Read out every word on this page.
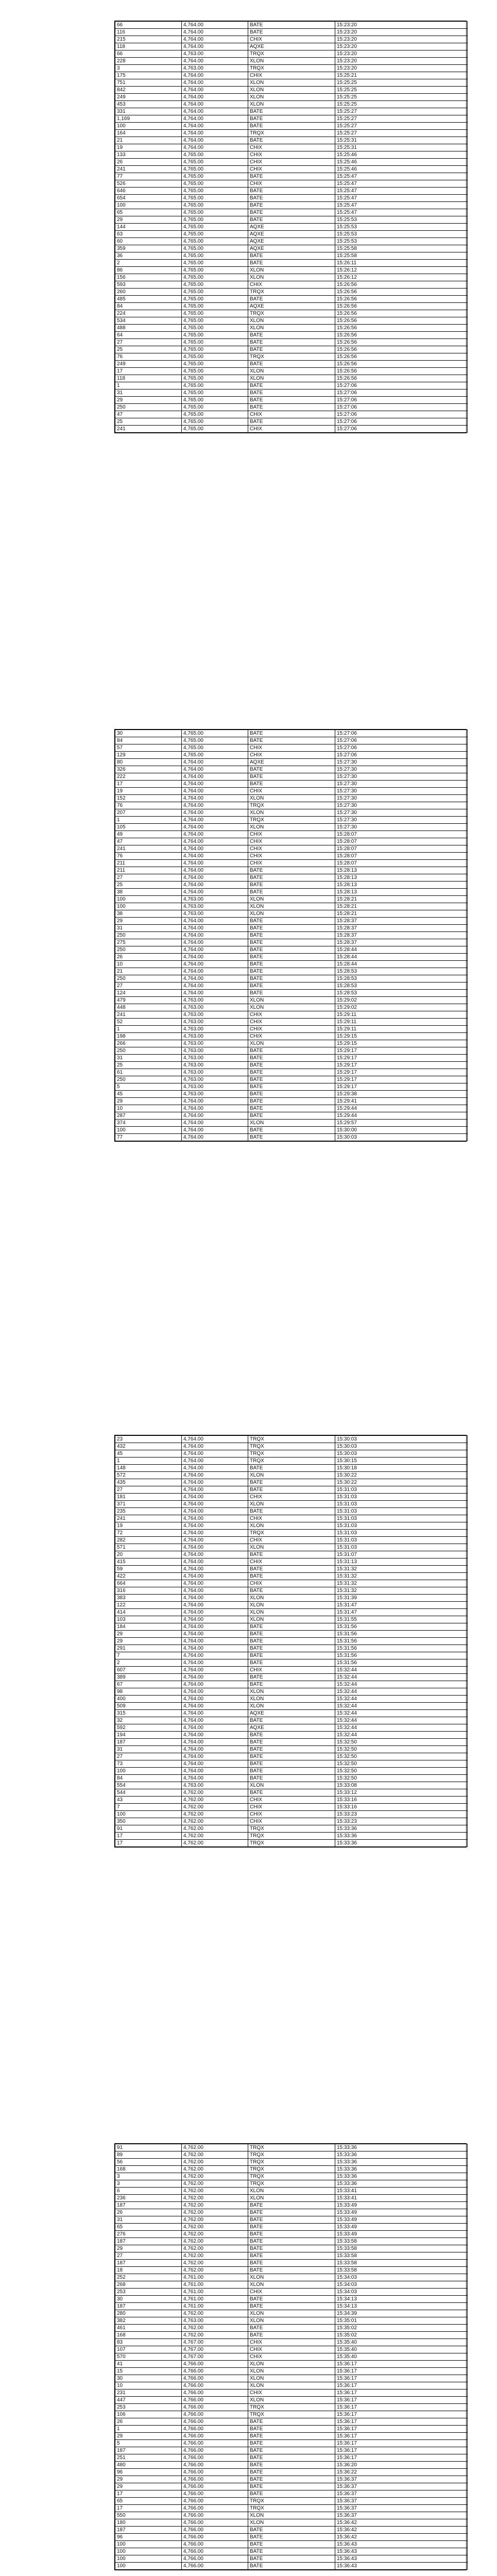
66	4,764.00	BATE	15:23:20
116	4,764.00	BATE	15:23:20
215	4,764.00	CHIX	15:23:20
118	4,764.00	AQXE	15:23:20
66	4,763.00	TRQX	15:23:20
228	4,764.00	XLON	15:23:20
3	4,763.00	TRQX	15:23:20
175	4,764.00	CHIX	15:25:21
751	4,764.00	XLON	15:25:25
842	4,764.00	XLON	15:25:25
249	4,764.00	XLON	15:25:25
453	4,764.00	XLON	15:25:25
331	4,764.00	BATE	15:25:27
1,169	4,764.00	BATE	15:25:27
100	4,764.00	BATE	15:25:27
164	4,764.00	TRQX	15:25:27
21	4,764.00	BATE	15:25:31
19	4,764.00	CHIX	15:25:31
133	4,765.00	CHIX	15:25:46
26	4,765.00	CHIX	15:25:46
241	4,765.00	CHIX	15:25:46
77	4,765.00	BATE	15:25:47
526	4,765.00	CHIX	15:25:47
646	4,765.00	BATE	15:25:47
654	4,765.00	BATE	15:25:47
100	4,765.00	BATE	15:25:47
65	4,765.00	BATE	15:25:47
29	4,765.00	BATE	15:25:53
144	4,765.00	AQXE	15:25:53
63	4,765.00	AQXE	15:25:53
60	4,765.00	AQXE	15:25:53
359	4,765.00	AQXE	15:25:58
36	4,765.00	BATE	15:25:58
2	4,765.00	BATE	15:26:11
86	4,765.00	XLON	15:26:12
156	4,765.00	XLON	15:26:12
593	4,765.00	CHIX	15:26:56
260	4,765.00	TRQX	15:26:56
485	4,765.00	BATE	15:26:56
84	4,765.00	AQXE	15:26:56
224	4,765.00	TRQX	15:26:56
534	4,765.00	XLON	15:26:56
488	4,765.00	XLON	15:26:56
64	4,765.00	BATE	15:26:56
27	4,765.00	BATE	15:26:56
25	4,765.00	BATE	15:26:56
76	4,765.00	TRQX	15:26:56
249	4,765.00	BATE	15:26:56
17	4,765.00	XLON	15:26:56
118	4,765.00	XLON	15:26:56
1	4,765.00	BATE	15:27:06
31	4,765.00	BATE	15:27:06
29	4,765.00	BATE	15:27:06
250	4,765.00	BATE	15:27:06
47	4,765.00	CHIX	15:27:06
25	4,765.00	BATE	15:27:06
241	4,765.00	CHIX	15:27:06
30	4,765.00	BATE	15:27:06
84	4,765.00	BATE	15:27:06
57	4,765.00	CHIX	15:27:06
129	4,765.00	CHIX	15:27:06
80	4,764.00	AQXE	15:27:30
326	4,764.00	BATE	15:27:30
222	4,764.00	BATE	15:27:30
17	4,764.00	BATE	15:27:30
19	4,764.00	CHIX	15:27:30
152	4,764.00	XLON	15:27:30
76	4,764.00	TRQX	15:27:30
207	4,764.00	XLON	15:27:30
1	4,764.00	TRQX	15:27:30
105	4,764.00	XLON	15:27:30
49	4,764.00	CHIX	15:28:07
47	4,764.00	CHIX	15:28:07
241	4,764.00	CHIX	15:28:07
76	4,764.00	CHIX	15:28:07
211	4,764.00	CHIX	15:28:07
211	4,764.00	BATE	15:28:13
27	4,764.00	BATE	15:28:13
25	4,764.00	BATE	15:28:13
38	4,764.00	BATE	15:28:13
100	4,763.00	XLON	15:28:21
100	4,763.00	XLON	15:28:21
38	4,763.00	XLON	15:28:21
29	4,764.00	BATE	15:28:37
31	4,764.00	BATE	15:28:37
250	4,764.00	BATE	15:28:37
275	4,764.00	BATE	15:28:37
250	4,764.00	BATE	15:28:44
26	4,764.00	BATE	15:28:44
10	4,764.00	BATE	15:28:44
21	4,764.00	BATE	15:28:53
250	4,764.00	BATE	15:28:53
27	4,764.00	BATE	15:28:53
124	4,764.00	BATE	15:28:53
479	4,763.00	XLON	15:29:02
448	4,763.00	XLON	15:29:02
241	4,763.00	CHIX	15:29:11
52	4,763.00	CHIX	15:29:11
1	4,763.00	CHIX	15:29:11
198	4,763.00	CHIX	15:29:15
266	4,763.00	XLON	15:29:15
250	4,763.00	BATE	15:29:17
31	4,763.00	BATE	15:29:17
25	4,763.00	BATE	15:29:17
61	4,763.00	BATE	15:29:17
250	4,763.00	BATE	15:29:17
5	4,763.00	BATE	15:29:17
45	4,763.00	BATE	15:29:38
29	4,764.00	BATE	15:29:41
10	4,764.00	BATE	15:29:44
287	4,764.00	BATE	15:29:44
374	4,764.00	XLON	15:29:57
100	4,764.00	BATE	15:30:00
77	4,764.00	BATE	15:30:03
23	4,764.00	TRQX	15:30:03
432	4,764.00	TRQX	15:30:03
45	4,764.00	TRQX	15:30:03
1	4,764.00	TRQX	15:30:15
148	4,764.00	BATE	15:30:18
572	4,764.00	XLON	15:30:22
435	4,764.00	BATE	15:30:22
27	4,764.00	BATE	15:31:03
181	4,764.00	CHIX	15:31:03
371	4,764.00	XLON	15:31:03
235	4,764.00	BATE	15:31:03
241	4,764.00	CHIX	15:31:03
19	4,764.00	XLON	15:31:03
72	4,764.00	TRQX	15:31:03
282	4,764.00	CHIX	15:31:03
571	4,764.00	XLON	15:31:03
20	4,764.00	BATE	15:31:07
415	4,764.00	CHIX	15:31:13
59	4,764.00	BATE	15:31:32
422	4,764.00	BATE	15:31:32
664	4,764.00	CHIX	15:31:32
316	4,764.00	BATE	15:31:32
383	4,764.00	XLON	15:31:39
122	4,764.00	XLON	15:31:47
414	4,764.00	XLON	15:31:47
103	4,764.00	XLON	15:31:55
184	4,764.00	BATE	15:31:56
29	4,764.00	BATE	15:31:56
29	4,764.00	BATE	15:31:56
291	4,764.00	BATE	15:31:56
7	4,764.00	BATE	15:31:56
2	4,764.00	BATE	15:31:56
607	4,764.00	CHIX	15:32:44
389	4,764.00	BATE	15:32:44
67	4,764.00	BATE	15:32:44
98	4,764.00	XLON	15:32:44
400	4,764.00	XLON	15:32:44
509	4,764.00	XLON	15:32:44
315	4,764.00	AQXE	15:32:44
32	4,764.00	BATE	15:32:44
592	4,764.00	AQXE	15:32:44
194	4,764.00	BATE	15:32:44
187	4,764.00	BATE	15:32:50
31	4,764.00	BATE	15:32:50
27	4,764.00	BATE	15:32:50
73	4,764.00	BATE	15:32:50
100	4,764.00	BATE	15:32:50
84	4,764.00	BATE	15:32:50
554	4,763.00	XLON	15:33:08
544	4,762.00	BATE	15:33:12
43	4,762.00	CHIX	15:33:16
7	4,762.00	CHIX	15:33:16
100	4,762.00	CHIX	15:33:23
350	4,762.00	CHIX	15:33:23
91	4,762.00	TRQX	15:33:36
17	4,762.00	TRQX	15:33:36
17	4,762.00	TRQX	15:33:36
91	4,762.00	TRQX	15:33:36
89	4,762.00	TRQX	15:33:36
56	4,762.00	TRQX	15:33:36
168	4,762.00	TRQX	15:33:36
3	4,762.00	TRQX	15:33:36
3	4,762.00	TRQX	15:33:36
6	4,762.00	XLON	15:33:41
236	4,762.00	XLON	15:33:41
187	4,762.00	BATE	15:33:49
26	4,762.00	BATE	15:33:49
31	4,762.00	BATE	15:33:49
65	4,762.00	BATE	15:33:49
276	4,762.00	BATE	15:33:49
187	4,762.00	BATE	15:33:58
29	4,762.00	BATE	15:33:58
27	4,762.00	BATE	15:33:58
187	4,762.00	BATE	15:33:58
18	4,762.00	BATE	15:33:58
252	4,761.00	XLON	15:34:03
268	4,761.00	XLON	15:34:03
253	4,761.00	CHIX	15:34:03
30	4,761.00	BATE	15:34:13
187	4,761.00	BATE	15:34:13
280	4,762.00	XLON	15:34:39
382	4,763.00	XLON	15:35:01
461	4,762.00	BATE	15:35:02
168	4,762.00	BATE	15:35:02
83	4,767.00	CHIX	15:35:40
107	4,767.00	CHIX	15:35:40
570	4,767.00	CHIX	15:35:40
41	4,766.00	XLON	15:36:17
15	4,766.00	XLON	15:36:17
30	4,766.00	XLON	15:36:17
10	4,766.00	XLON	15:36:17
231	4,766.00	CHIX	15:36:17
447	4,766.00	XLON	15:36:17
253	4,766.00	TRQX	15:36:17
106	4,766.00	TRQX	15:36:17
26	4,766.00	BATE	15:36:17
1	4,766.00	BATE	15:36:17
29	4,766.00	BATE	15:36:17
5	4,766.00	BATE	15:36:17
187	4,766.00	BATE	15:36:17
251	4,766.00	BATE	15:36:17
480	4,766.00	BATE	15:36:20
96	4,766.00	BATE	15:36:22
29	4,766.00	BATE	15:36:37
29	4,766.00	BATE	15:36:37
17	4,766.00	BATE	15:36:37
65	4,766.00	TRQX	15:36:37
17	4,766.00	TRQX	15:36:37
550	4,766.00	XLON	15:36:37
180	4,766.00	XLON	15:36:42
187	4,766.00	BATE	15:36:42
96	4,766.00	BATE	15:36:42
100	4,766.00	BATE	15:36:43
100	4,766.00	BATE	15:36:43
100	4,766.00	BATE	15:36:43
100	4,766.00	BATE	15:36:43
